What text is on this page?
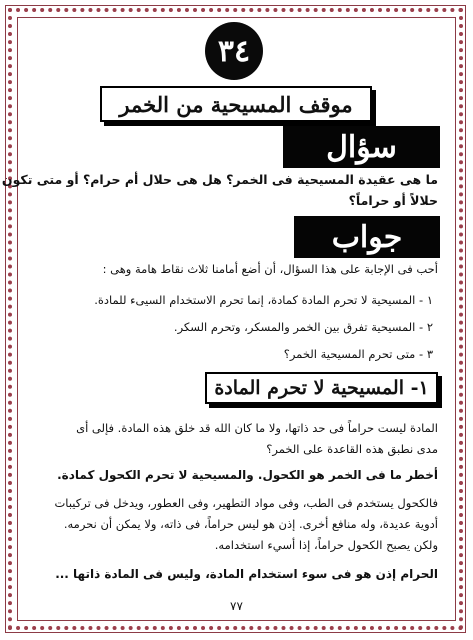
٣٤
موقف المسيحية من الخمر
سؤال
ما هى عقيدة المسيحية فى الخمر؟ هل هى حلال أم حرام؟ أو متى تكون
حلالاً أو حراماً؟
جواب
أحب فى الإجابة على هذا السؤال، أن أضع أمامنا ثلاث نقاط هامة وهى :
١ - المسيحية لا تحرم المادة كمادة، إنما تحرم الاستخدام السيىء للمادة.
٢ - المسيحية تفرق بين الخمر والمسكر، وتحرم السكر.
٣ - متى تحرم المسيحية الخمر؟
١- المسيحية لا تحرم المادة
المادة ليست حراماً فى حد ذاتها، ولا ما كان الله قد خلق هذه المادة. فإلى أى
مدى نطبق هذه القاعدة على الخمر؟
أخطر ما فى الخمر هو الكحول. والمسيحية لا تحرم الكحول كمادة.
فالكحول يستخدم فى الطب، وفى مواد التطهير، وفى العطور، ويدخل فى تركيبات
أدوية عديدة، وله منافع أخرى. إذن هو ليس حراماً، فى ذاته، ولا يمكن أن نحرمه.
ولكن يصبح الكحول حراماً، إذا أسيء استخدامه.
الحرام إذن هو فى سوء استخدام المادة، وليس فى المادة ذاتها ...
٧٧
